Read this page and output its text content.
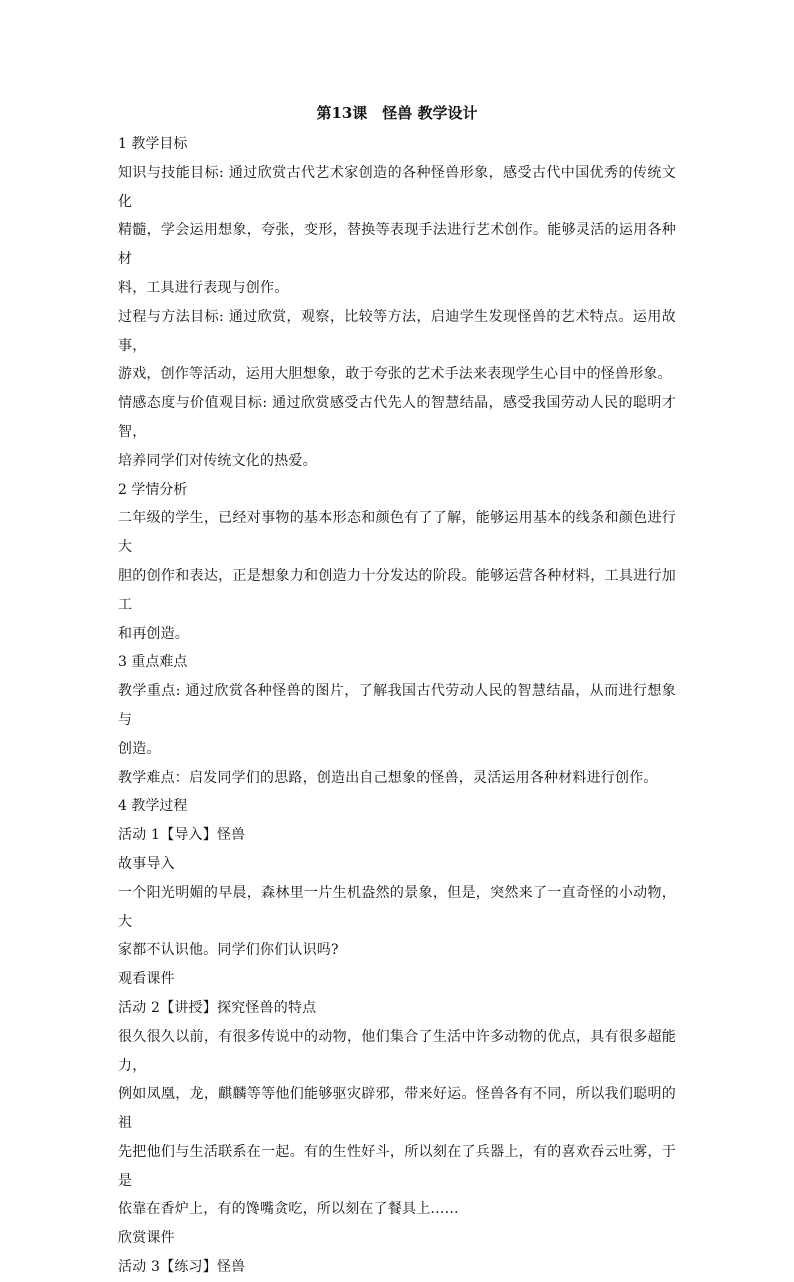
第13课　怪兽 教学设计

1 教学目标

知识与技能目标: 通过欣赏古代艺术家创造的各种怪兽形象，感受古代中国优秀的传统文化

精髓，学会运用想象，夸张，变形，替换等表现手法进行艺术创作。能够灵活的运用各种材

料，工具进行表现与创作。

过程与方法目标: 通过欣赏，观察，比较等方法，启迪学生发现怪兽的艺术特点。运用故事，

游戏，创作等活动，运用大胆想象，敢于夸张的艺术手法来表现学生心目中的怪兽形象。

情感态度与价值观目标: 通过欣赏感受古代先人的智慧结晶，感受我国劳动人民的聪明才智，

培养同学们对传统文化的热爱。

2 学情分析

二年级的学生，已经对事物的基本形态和颜色有了了解，能够运用基本的线条和颜色进行大

胆的创作和表达，正是想象力和创造力十分发达的阶段。能够运营各种材料，工具进行加工

和再创造。

3 重点难点

教学重点: 通过欣赏各种怪兽的图片，了解我国古代劳动人民的智慧结晶，从而进行想象与

创造。

教学难点：启发同学们的思路，创造出自己想象的怪兽，灵活运用各种材料进行创作。

4 教学过程

活动 1【导入】怪兽

故事导入

一个阳光明媚的早晨，森林里一片生机盎然的景象，但是，突然来了一直奇怪的小动物，大

家都不认识他。同学们你们认识吗?

观看课件

活动 2【讲授】探究怪兽的特点

很久很久以前，有很多传说中的动物，他们集合了生活中许多动物的优点，具有很多超能力，

例如凤凰，龙，麒麟等等他们能够驱灾辟邪，带来好运。怪兽各有不同，所以我们聪明的祖

先把他们与生活联系在一起。有的生性好斗，所以刻在了兵器上，有的喜欢吞云吐雾，于是

依靠在香炉上，有的馋嘴贪吃，所以刻在了餐具上……

欣赏课件

活动 3【练习】怪兽
